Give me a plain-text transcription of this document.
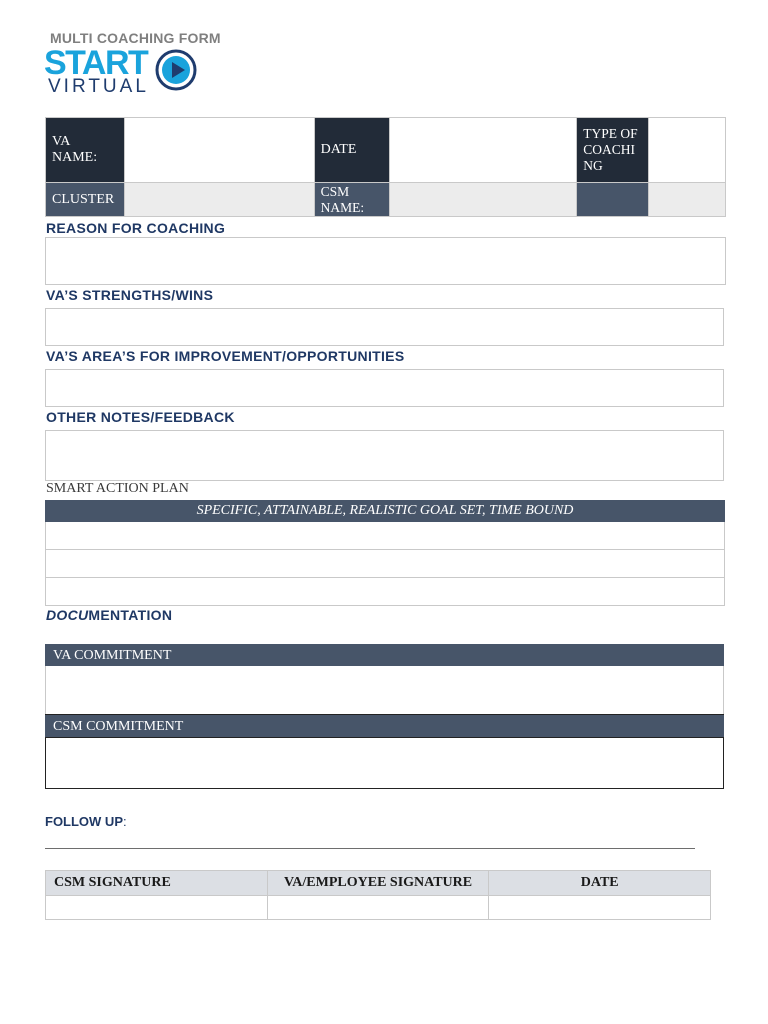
MULTI COACHING FORM
START
VIRTUAL
VA NAME:		DATE		TYPE OF COACHING	
CLUSTER		CSM NAME:			
REASON FOR COACHING
VA’S STRENGTHS/WINS
VA’S AREA’S FOR IMPROVEMENT/OPPORTUNITIES
OTHER NOTES/FEEDBACK
SMART ACTION PLAN
SPECIFIC, ATTAINABLE, REALISTIC GOAL SET, TIME BOUND
DOCUMENTATION
VA COMMITMENT
CSM COMMITMENT
FOLLOW UP:
CSM SIGNATURE	VA/EMPLOYEE SIGNATURE	DATE
